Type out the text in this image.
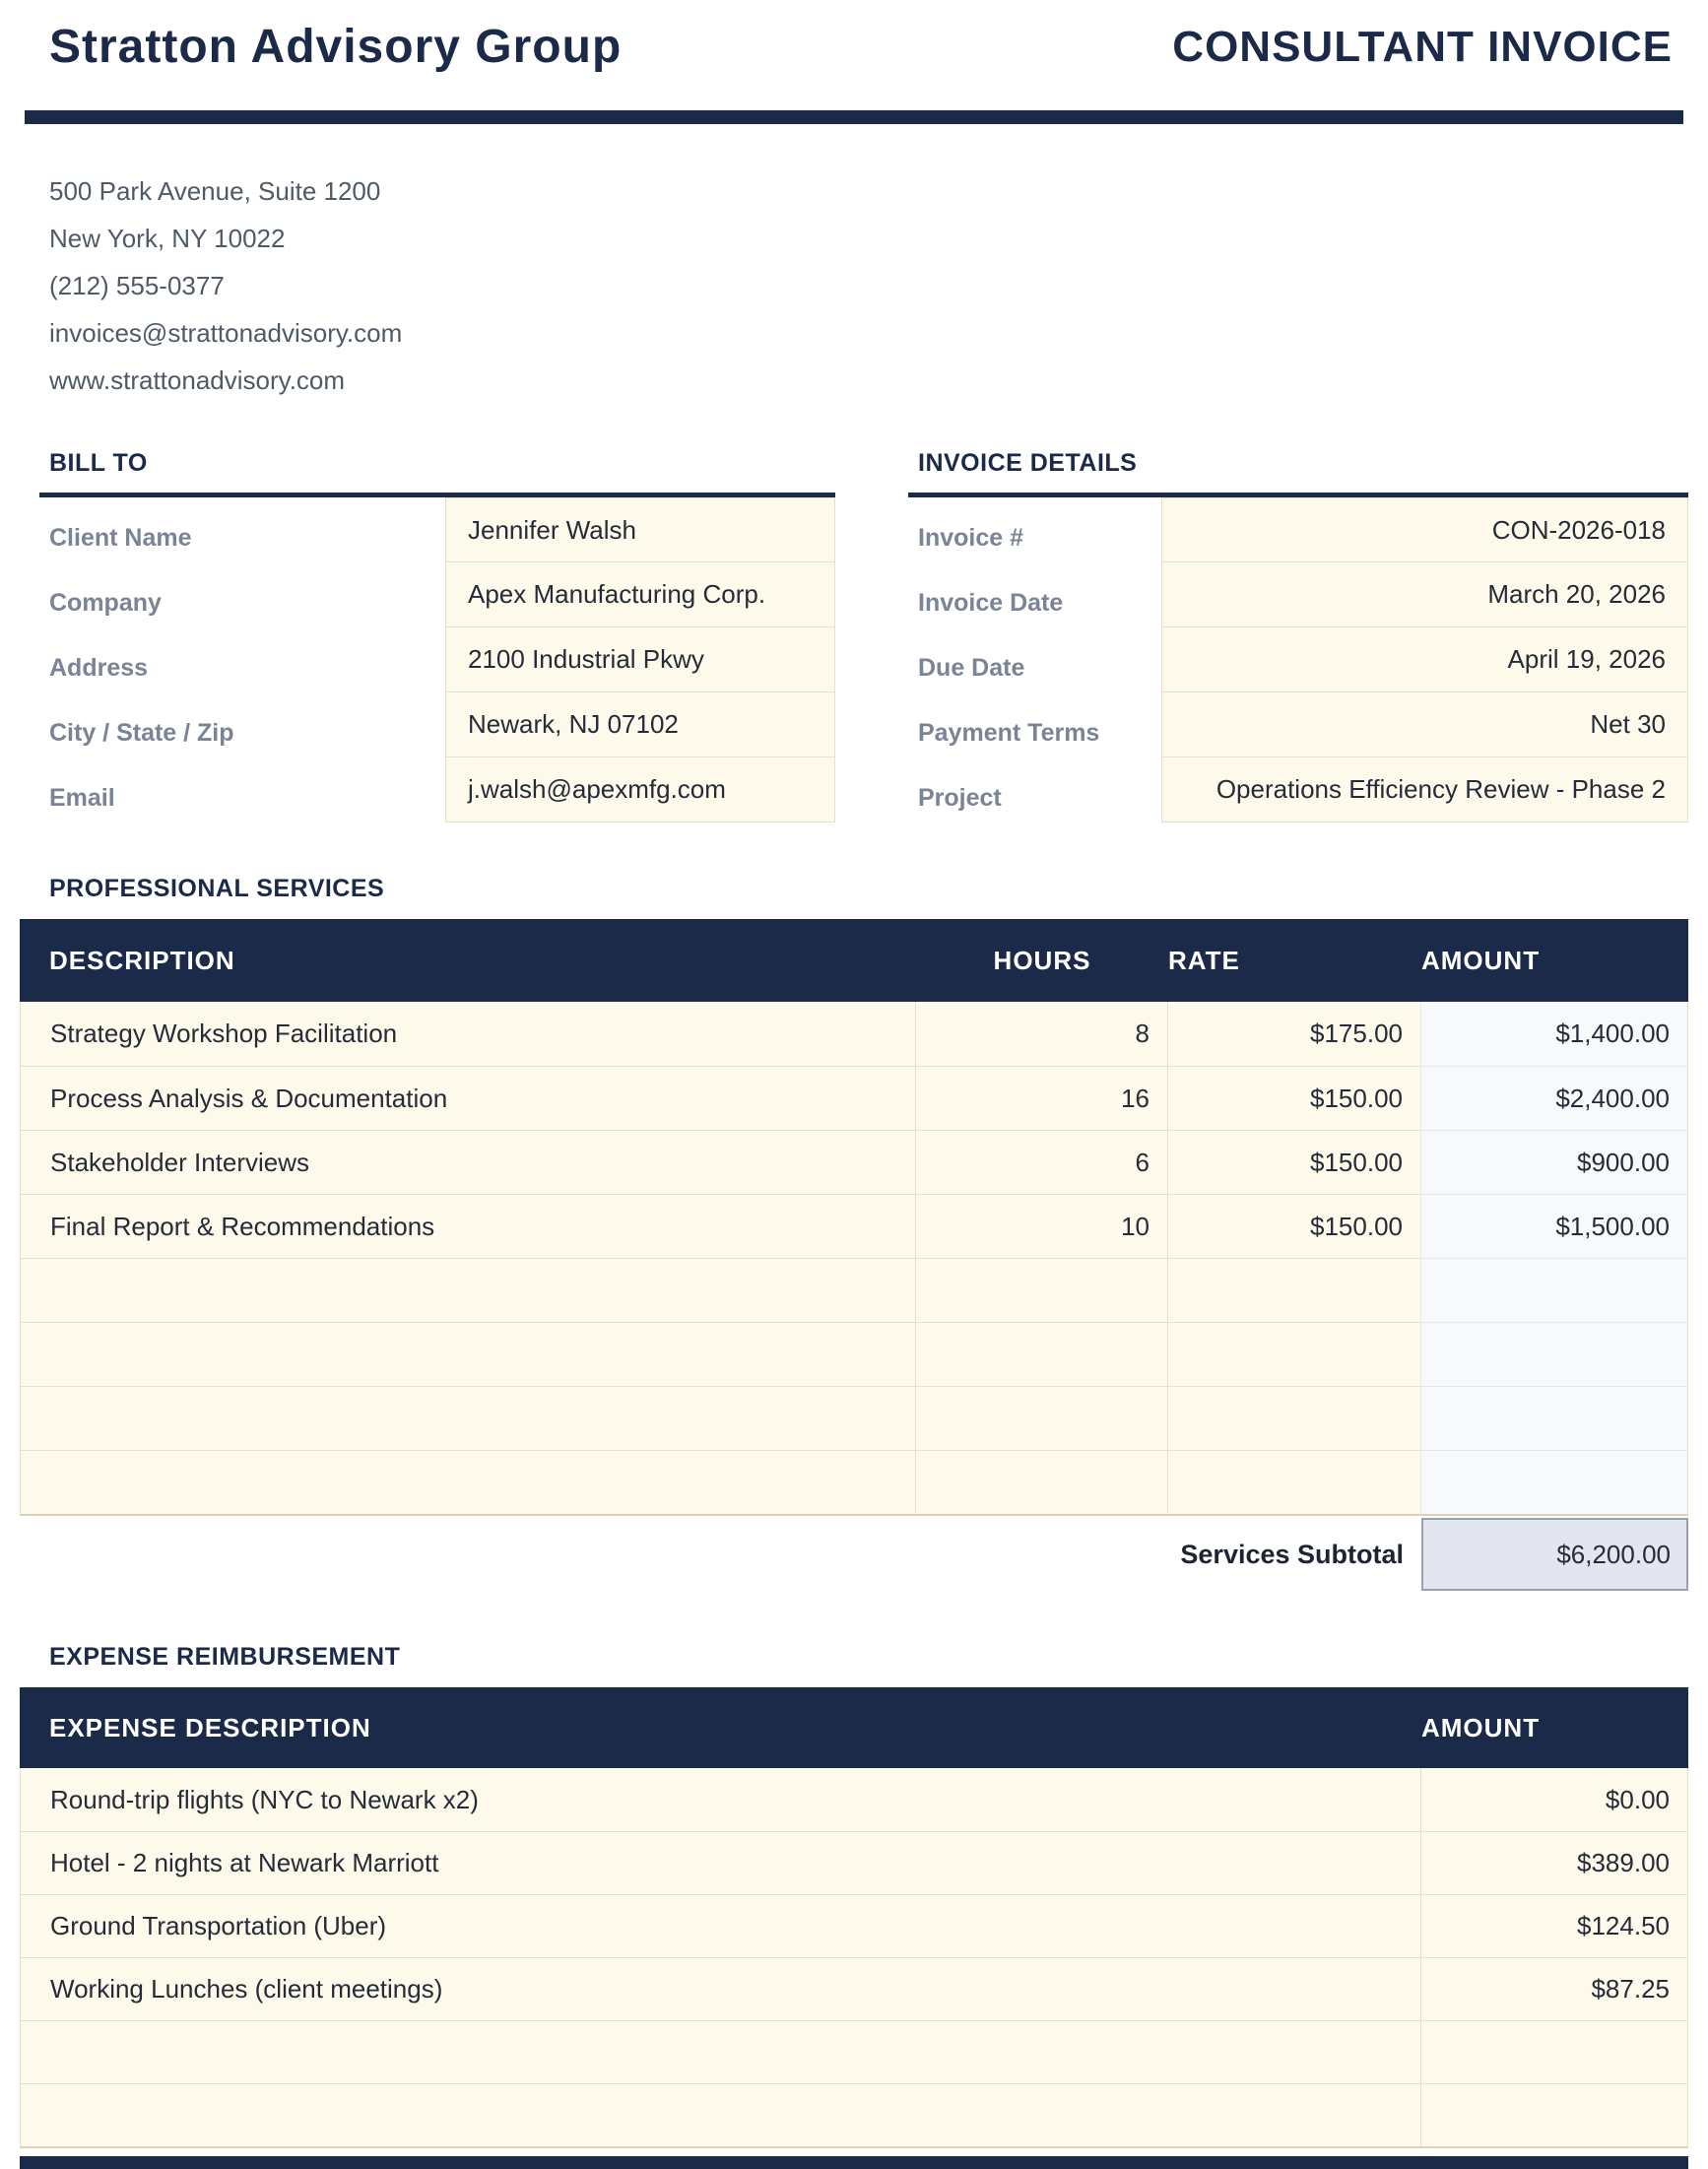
Stratton Advisory Group	CONSULTANT INVOICE
500 Park Avenue, Suite 1200
New York, NY 10022
(212) 555-0377
invoices@strattonadvisory.com
www.strattonadvisory.com
BILL TO
Client Name	Jennifer Walsh
Company	Apex Manufacturing Corp.
Address	2100 Industrial Pkwy
City / State / Zip	Newark, NJ 07102
Email	j.walsh@apexmfg.com
INVOICE DETAILS
Invoice #	CON-2026-018
Invoice Date	March 20, 2026
Due Date	April 19, 2026
Payment Terms	Net 30
Project	Operations Efficiency Review - Phase 2
PROFESSIONAL SERVICES
DESCRIPTION	HOURS	RATE	AMOUNT
Strategy Workshop Facilitation	8	$175.00	$1,400.00
Process Analysis & Documentation	16	$150.00	$2,400.00
Stakeholder Interviews	6	$150.00	$900.00
Final Report & Recommendations	10	$150.00	$1,500.00
Services Subtotal	$6,200.00
EXPENSE REIMBURSEMENT
EXPENSE DESCRIPTION	AMOUNT
Round-trip flights (NYC to Newark x2)	$0.00
Hotel - 2 nights at Newark Marriott	$389.00
Ground Transportation (Uber)	$124.50
Working Lunches (client meetings)	$87.25
